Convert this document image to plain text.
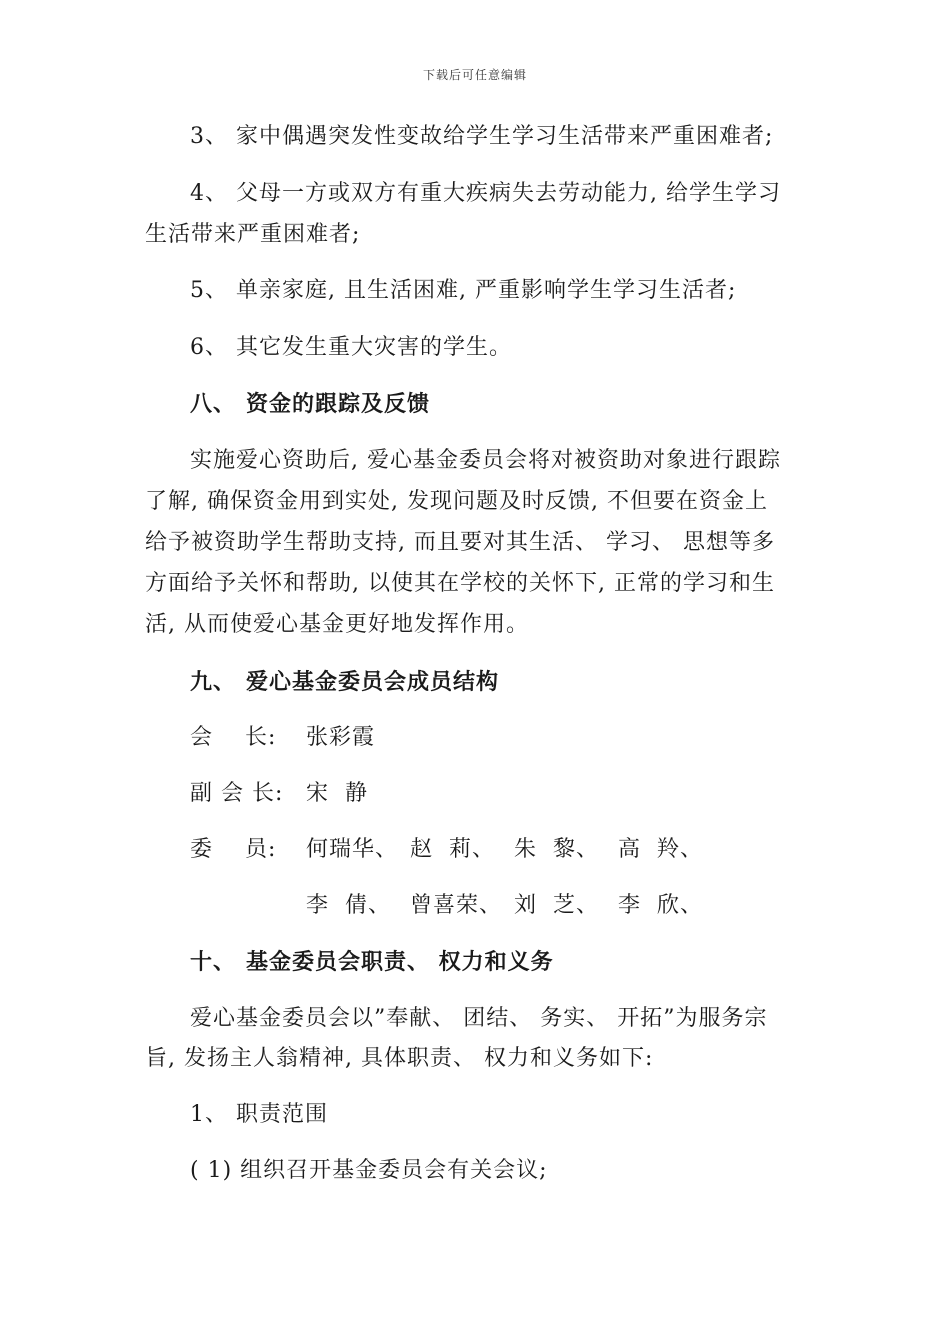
下载后可任意编辑
3、 家中偶遇突发性变故给学生学习生活带来严重困难者;
4、 父母一方或双方有重大疾病失去劳动能力, 给学生学习
生活带来严重困难者;
5、 单亲家庭, 且生活困难, 严重影响学生学习生活者;
6、 其它发生重大灾害的学生。
八、 资金的跟踪及反馈
实施爱心资助后, 爱心基金委员会将对被资助对象进行跟踪
了解, 确保资金用到实处, 发现问题及时反馈, 不但要在资金上
给予被资助学生帮助支持, 而且要对其生活、 学习、 思想等多
方面给予关怀和帮助, 以使其在学校的关怀下, 正常的学习和生
活, 从而使爱心基金更好地发挥作用。
九、 爱心基金委员会成员结构
会    长: 张彩霞
副 会 长: 宋  静
委    员: 何瑞华、 赵  莉、 朱  黎、 高  羚、
李  倩、 曾喜荣、 刘  芝、 李  欣、
十、 基金委员会职责、 权力和义务
爱心基金委员会以”奉献、 团结、 务实、 开拓”为服务宗
旨, 发扬主人翁精神, 具体职责、 权力和义务如下:
1、 职责范围
( 1) 组织召开基金委员会有关会议;
